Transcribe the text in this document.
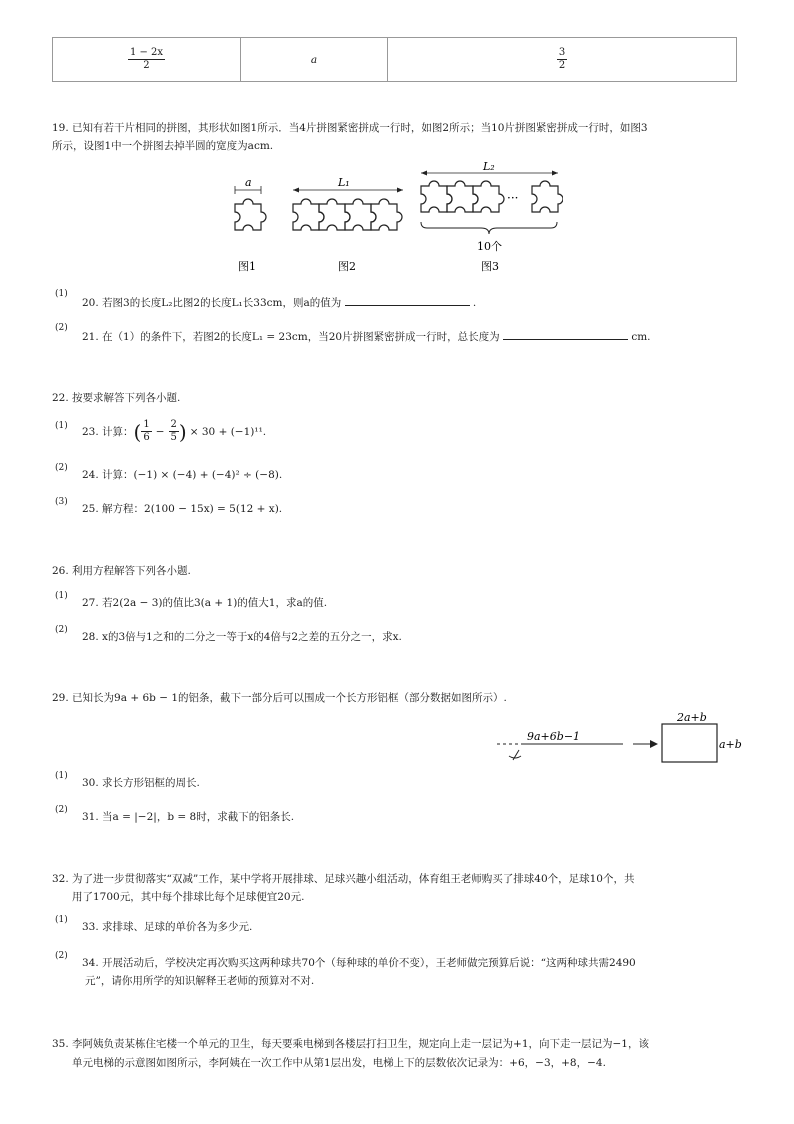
$\frac{1 - 2x}{2}$	a	$\frac{3}{2}$
19. 已知有若干片相同的拼图，其形状如图1所示．当4片拼图紧密拼成一行时，如图2所示；当10片拼图紧密拼成一行时，如图3
所示，设图1中一个拼图去掉半圆的宽度为acm.
a	L₁
L₂
···
10个
图1	图2	图3
(1)
20. 若图3的长度L₂比图2的长度L₁长33cm，则a的值为	.
(2)
21. 在（1）的条件下，若图2的长度L₁ = 23cm，当20片拼图紧密拼成一行时，总长度为	cm.
22. 按要求解答下列各小题.
(1) 23. 计算： ( $\frac{1}{6} - \frac{2}{5}$ ) × 30 + (−1)¹¹.
(2)
24. 计算：(−1) × (−4) + (−4)² ÷ (−8).
(3)
25. 解方程：2(100 − 15x) = 5(12 + x).
26. 利用方程解答下列各小题.
(1)
27. 若2(2a − 3)的值比3(a + 1)的值大1，求a的值.
(2)
28. x的3倍与1之和的二分之一等于x的4倍与2之差的五分之一，求x.
29. 已知长为9a + 6b − 1的铝条，截下一部分后可以围成一个长方形铝框（部分数据如图所示）.
9a+6b−1
2a+b
a+b
(1)
30. 求长方形铝框的周长.
(2)
31. 当a = |−2|，b = 8时，求截下的铝条长.
32. 为了进一步贯彻落实“双减”工作，某中学将开展排球、足球兴趣小组活动，体育组王老师购买了排球40个，足球10个，共
用了1700元，其中每个排球比每个足球便宜20元.
(1)
33. 求排球、足球的单价各为多少元.
(2)
34. 开展活动后，学校决定再次购买这两种球共70个（每种球的单价不变），王老师做完预算后说：“这两种球共需2490
元”，请你用所学的知识解释王老师的预算对不对.
35. 李阿姨负责某栋住宅楼一个单元的卫生，每天要乘电梯到各楼层打扫卫生，规定向上走一层记为+1，向下走一层记为−1，该
单元电梯的示意图如图所示，李阿姨在一次工作中从第1层出发，电梯上下的层数依次记录为：+6，−3，+8，−4.
